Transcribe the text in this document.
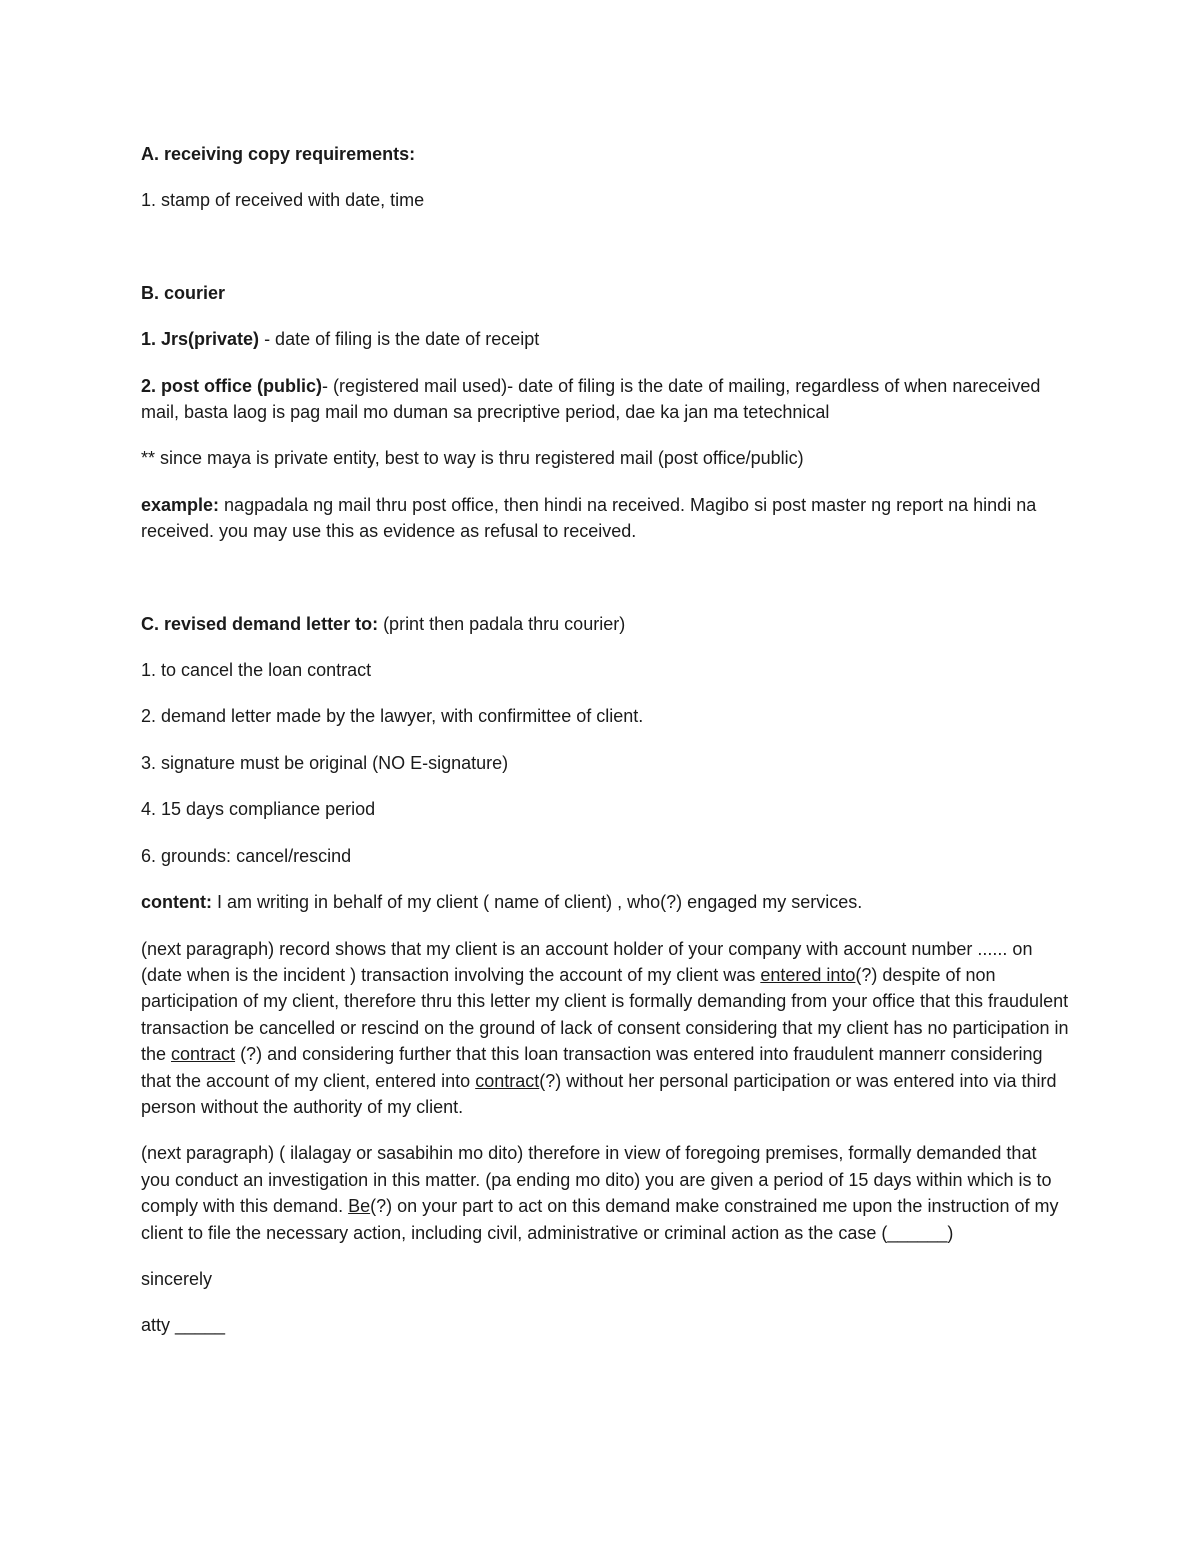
A. receiving copy requirements:

1. stamp of received with date, time

B. courier

1. Jrs(private) - date of filing is the date of receipt

2. post office (public)- (registered mail used)- date of filing is the date of mailing, regardless of when nareceived mail, basta laog is pag mail mo duman sa precriptive period, dae ka jan ma tetechnical

** since maya is private entity, best to way is thru registered mail (post office/public)

example: nagpadala ng mail thru post office, then hindi na received. Magibo si post master ng report na hindi na received. you may use this as evidence as refusal to received.

C. revised demand letter to: (print then padala thru courier)

1. to cancel the loan contract

2. demand letter made by the lawyer, with confirmittee of client.

3. signature must be original (NO E-signature)

4. 15 days compliance period

6. grounds: cancel/rescind

content: I am writing in behalf of my client ( name of client) , who(?) engaged my services.

(next paragraph) record shows that my client is an account holder of your company with account number ...... on (date when is the incident ) transaction involving the account of my client was entered into(?) despite of non participation of my client, therefore thru this letter my client is formally demanding from your office that this fraudulent transaction be cancelled or rescind on the ground of lack of consent considering that my client has no participation in the contract (?) and considering further that this loan transaction was entered into fraudulent mannerr considering that the account of my client, entered into contract(?) without her personal participation or was entered into via third person without the authority of my client.

(next paragraph) ( ilalagay or sasabihin mo dito) therefore in view of foregoing premises, formally demanded that you conduct an investigation in this matter. (pa ending mo dito) you are given a period of 15 days within which is to comply with this demand. Be(?) on your part to act on this demand make constrained me upon the instruction of my client to file the necessary action, including civil, administrative or criminal action as the case (______)

sincerely

atty _____
